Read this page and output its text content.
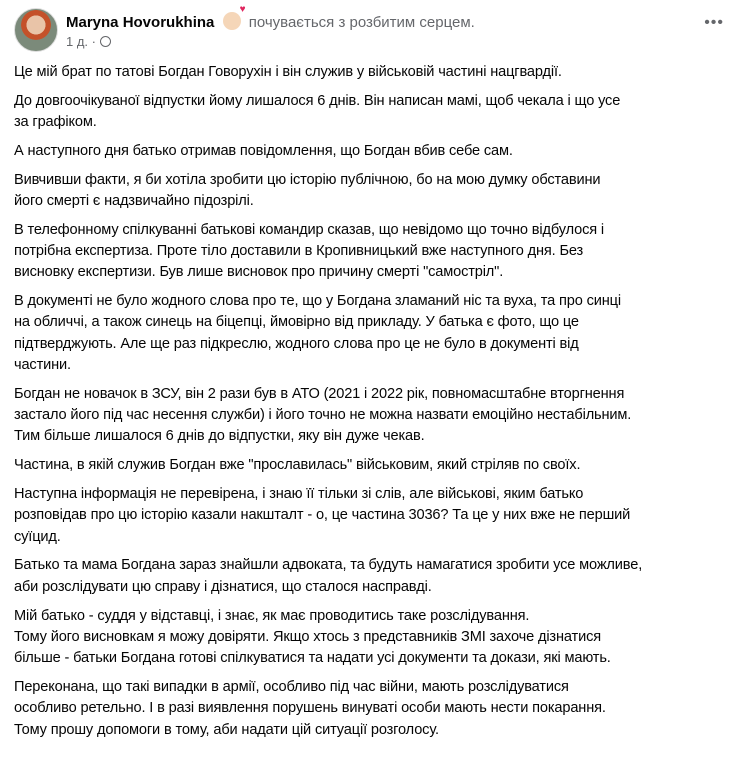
Maryna Hovorukhina ♥ почувається з розбитим серцем.
1 д. ·
•••
Це мій брат по татові Богдан Говорухін і він служив у військовій частині нацгвардії.
До довгоочікуваної відпустки йому лишалося 6 днів. Він написан мамі, щоб чекала і що усе
за графіком.
А наступного дня батько отримав повідомлення, що Богдан вбив себе сам.
Вивчивши факти, я би хотіла зробити цю історію публічною, бо на мою думку обставини
його смерті є надзвичайно підозрілі.
В телефонному спілкуванні батькові командир сказав, що невідомо що точно відбулося і
потрібна експертиза. Проте тіло доставили в Кропивницький вже наступного дня. Без
висновку експертизи. Був лише висновок про причину смерті "самострiл".
В документі не було жодного слова про те, що у Богдана зламаний ніс та вуха, та про синці
на обличчі, а також синець на біцепці, ймовірно від прикладу. У батька є фото, що це
підтверджують. Але ще раз підкреслю, жодного слова про це не було в документі від
частини.
Богдан не новачок в ЗСУ, він 2 рази був в АТО (2021 і 2022 рік, повномасштабне вторгнення
застало його під час несення служби) і його точно не можна назвати емоційно нестабільним.
Тим більше лишалося 6 днів до відпустки, яку він дуже чекав.
Частина, в якій служив Богдан вже "прославилась" військовим, який стріляв по своїх.
Наступна інформація не перевірена, і знаю її тільки зі слів, але військові, яким батько
розповідав про цю історію казали накшталт - о, це частина 3036? Та це у них вже не перший
суїцид.
Батько та мама Богдана зараз знайшли адвоката, та будуть намагатися зробити усе можливе,
аби розслідувати цю справу і дізнатися, що сталося насправді.
Мій батько - суддя у відставці, і знає, як має проводитись таке розслідування.
Тому його висновкам я можу довіряти. Якщо хтось з представників ЗМІ захоче дізнатися
більше - батьки Богдана готові спілкуватися та надати усі документи та докази, які мають.
Переконана, що такі випадки в армії, особливо під час війни, мають розслідуватися
особливо ретельно. І в разі виявлення порушень винуваті особи мають нести покарання.
Тому прошу допомоги в тому, аби надати цій ситуації розголосу.
